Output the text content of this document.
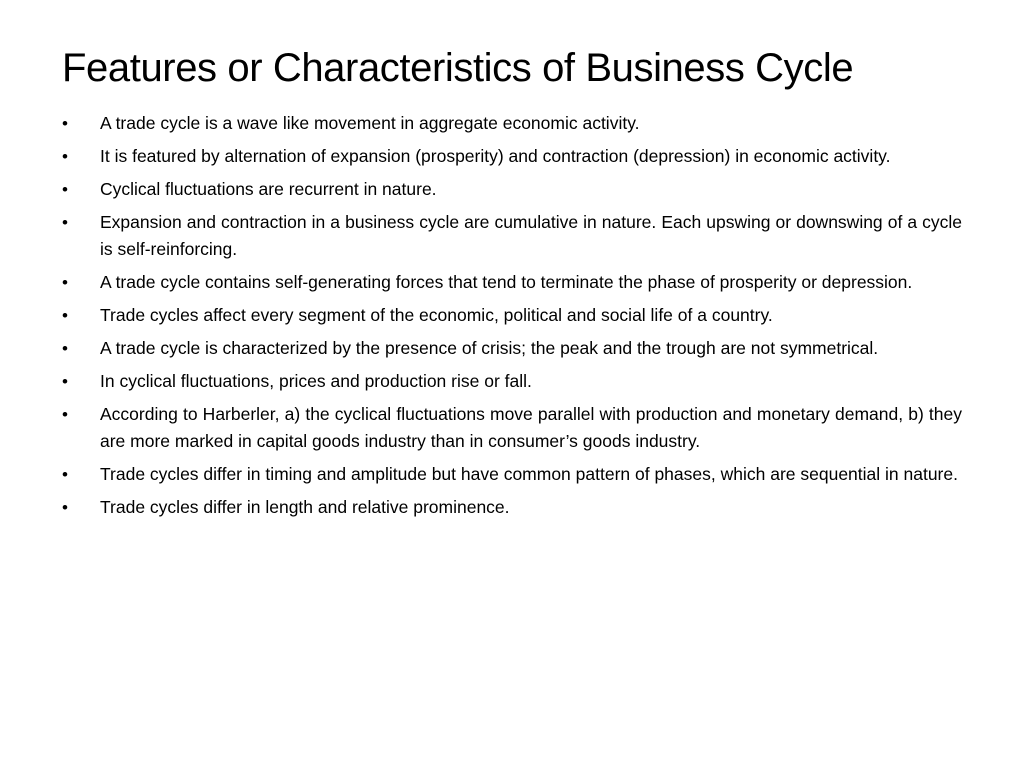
Features or Characteristics of Business Cycle
•	A trade cycle is a wave like movement in aggregate economic activity.
•	It is featured by alternation of expansion (prosperity) and contraction (depression) in economic activity.
•	Cyclical fluctuations are recurrent in nature.
•	Expansion and contraction in a business cycle are cumulative in nature. Each upswing or downswing of a cycle is self-reinforcing.
•	A trade cycle contains self-generating forces that tend to terminate the phase of prosperity or depression.
•	Trade cycles affect every segment of the economic, political and social life of a country.
•	A trade cycle is characterized by the presence of crisis; the peak and the trough are not symmetrical.
•	In cyclical fluctuations, prices and production rise or fall.
•	According to Harberler, a) the cyclical fluctuations move parallel with production and monetary demand, b) they are more marked in capital goods industry than in consumer’s goods industry.
•	Trade cycles differ in timing and amplitude but have common pattern of phases, which are sequential in nature.
•	Trade cycles differ in length and relative prominence.
